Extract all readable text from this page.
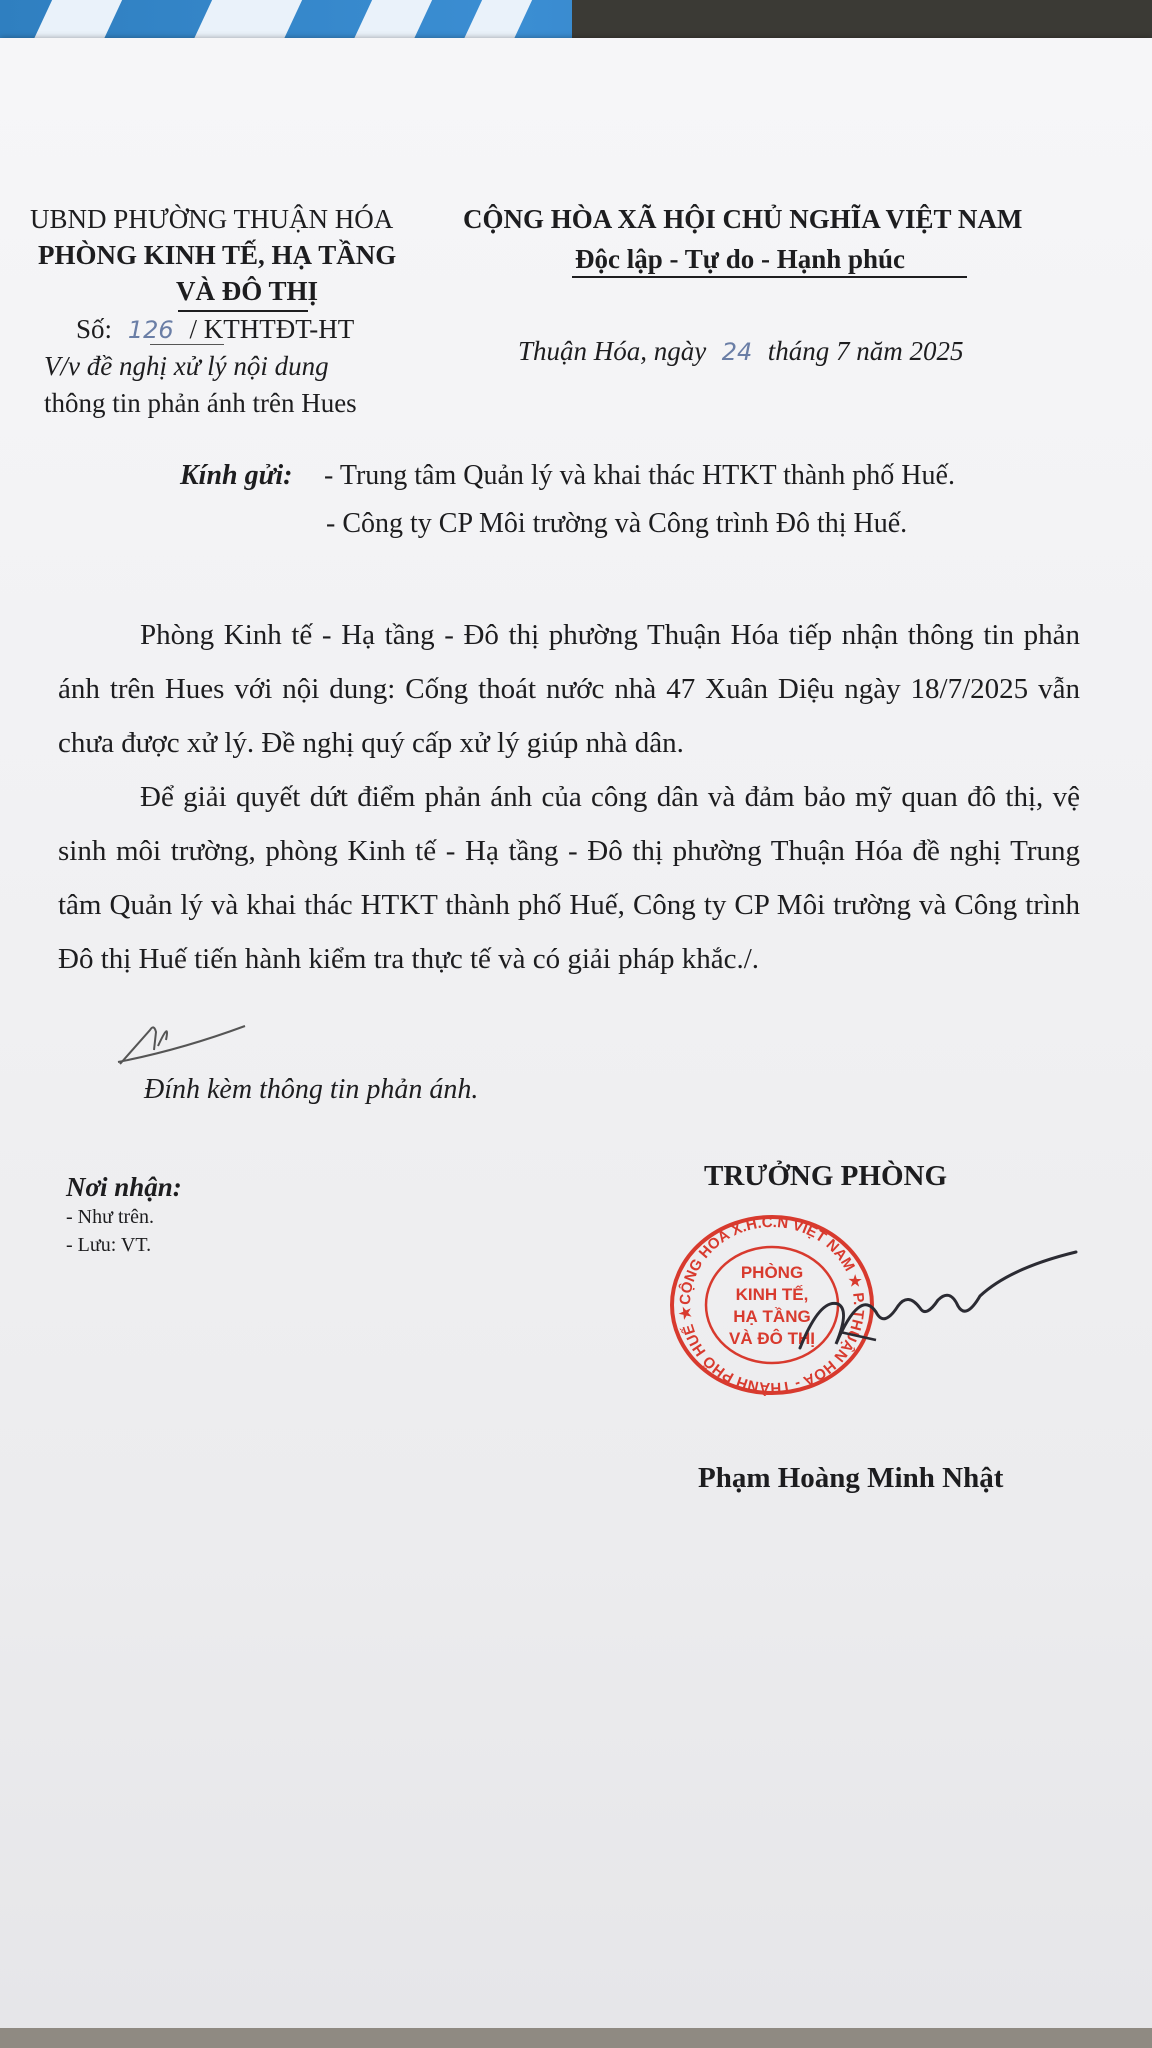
UBND PHƯỜNG THUẬN HÓA
PHÒNG KINH TẾ, HẠ TẦNG
VÀ ĐÔ THỊ
Số: 126 / KTHTĐT-HT
V/v đề nghị xử lý nội dung
thông tin phản ánh trên Hues
CỘNG HÒA XÃ HỘI CHỦ NGHĨA VIỆT NAM
Độc lập - Tự do - Hạnh phúc
Thuận Hóa, ngày 24 tháng 7 năm 2025
Kính gửi: - Trung tâm Quản lý và khai thác HTKT thành phố Huế.
- Công ty CP Môi trường và Công trình Đô thị Huế.
Phòng Kinh tế - Hạ tầng - Đô thị phường Thuận Hóa tiếp nhận thông tin phản ánh trên Hues với nội dung: Cống thoát nước nhà 47 Xuân Diệu ngày 18/7/2025 vẫn chưa được xử lý. Đề nghị quý cấp xử lý giúp nhà dân.
Để giải quyết dứt điểm phản ánh của công dân và đảm bảo mỹ quan đô thị, vệ sinh môi trường, phòng Kinh tế - Hạ tầng - Đô thị phường Thuận Hóa đề nghị Trung tâm Quản lý và khai thác HTKT thành phố Huế, Công ty CP Môi trường và Công trình Đô thị Huế tiến hành kiểm tra thực tế và có giải pháp khắc./.
Đính kèm thông tin phản ánh.
Nơi nhận:
- Như trên.
- Lưu: VT.
TRƯỞNG PHÒNG
CỘNG HÒA X.H.C.N VIỆT NAM ★ P. THUẬN HÓA - THÀNH PHỐ HUẾ ★
PHÒNG
KINH TẾ,
HẠ TẦNG
VÀ ĐÔ THỊ
Phạm Hoàng Minh Nhật
